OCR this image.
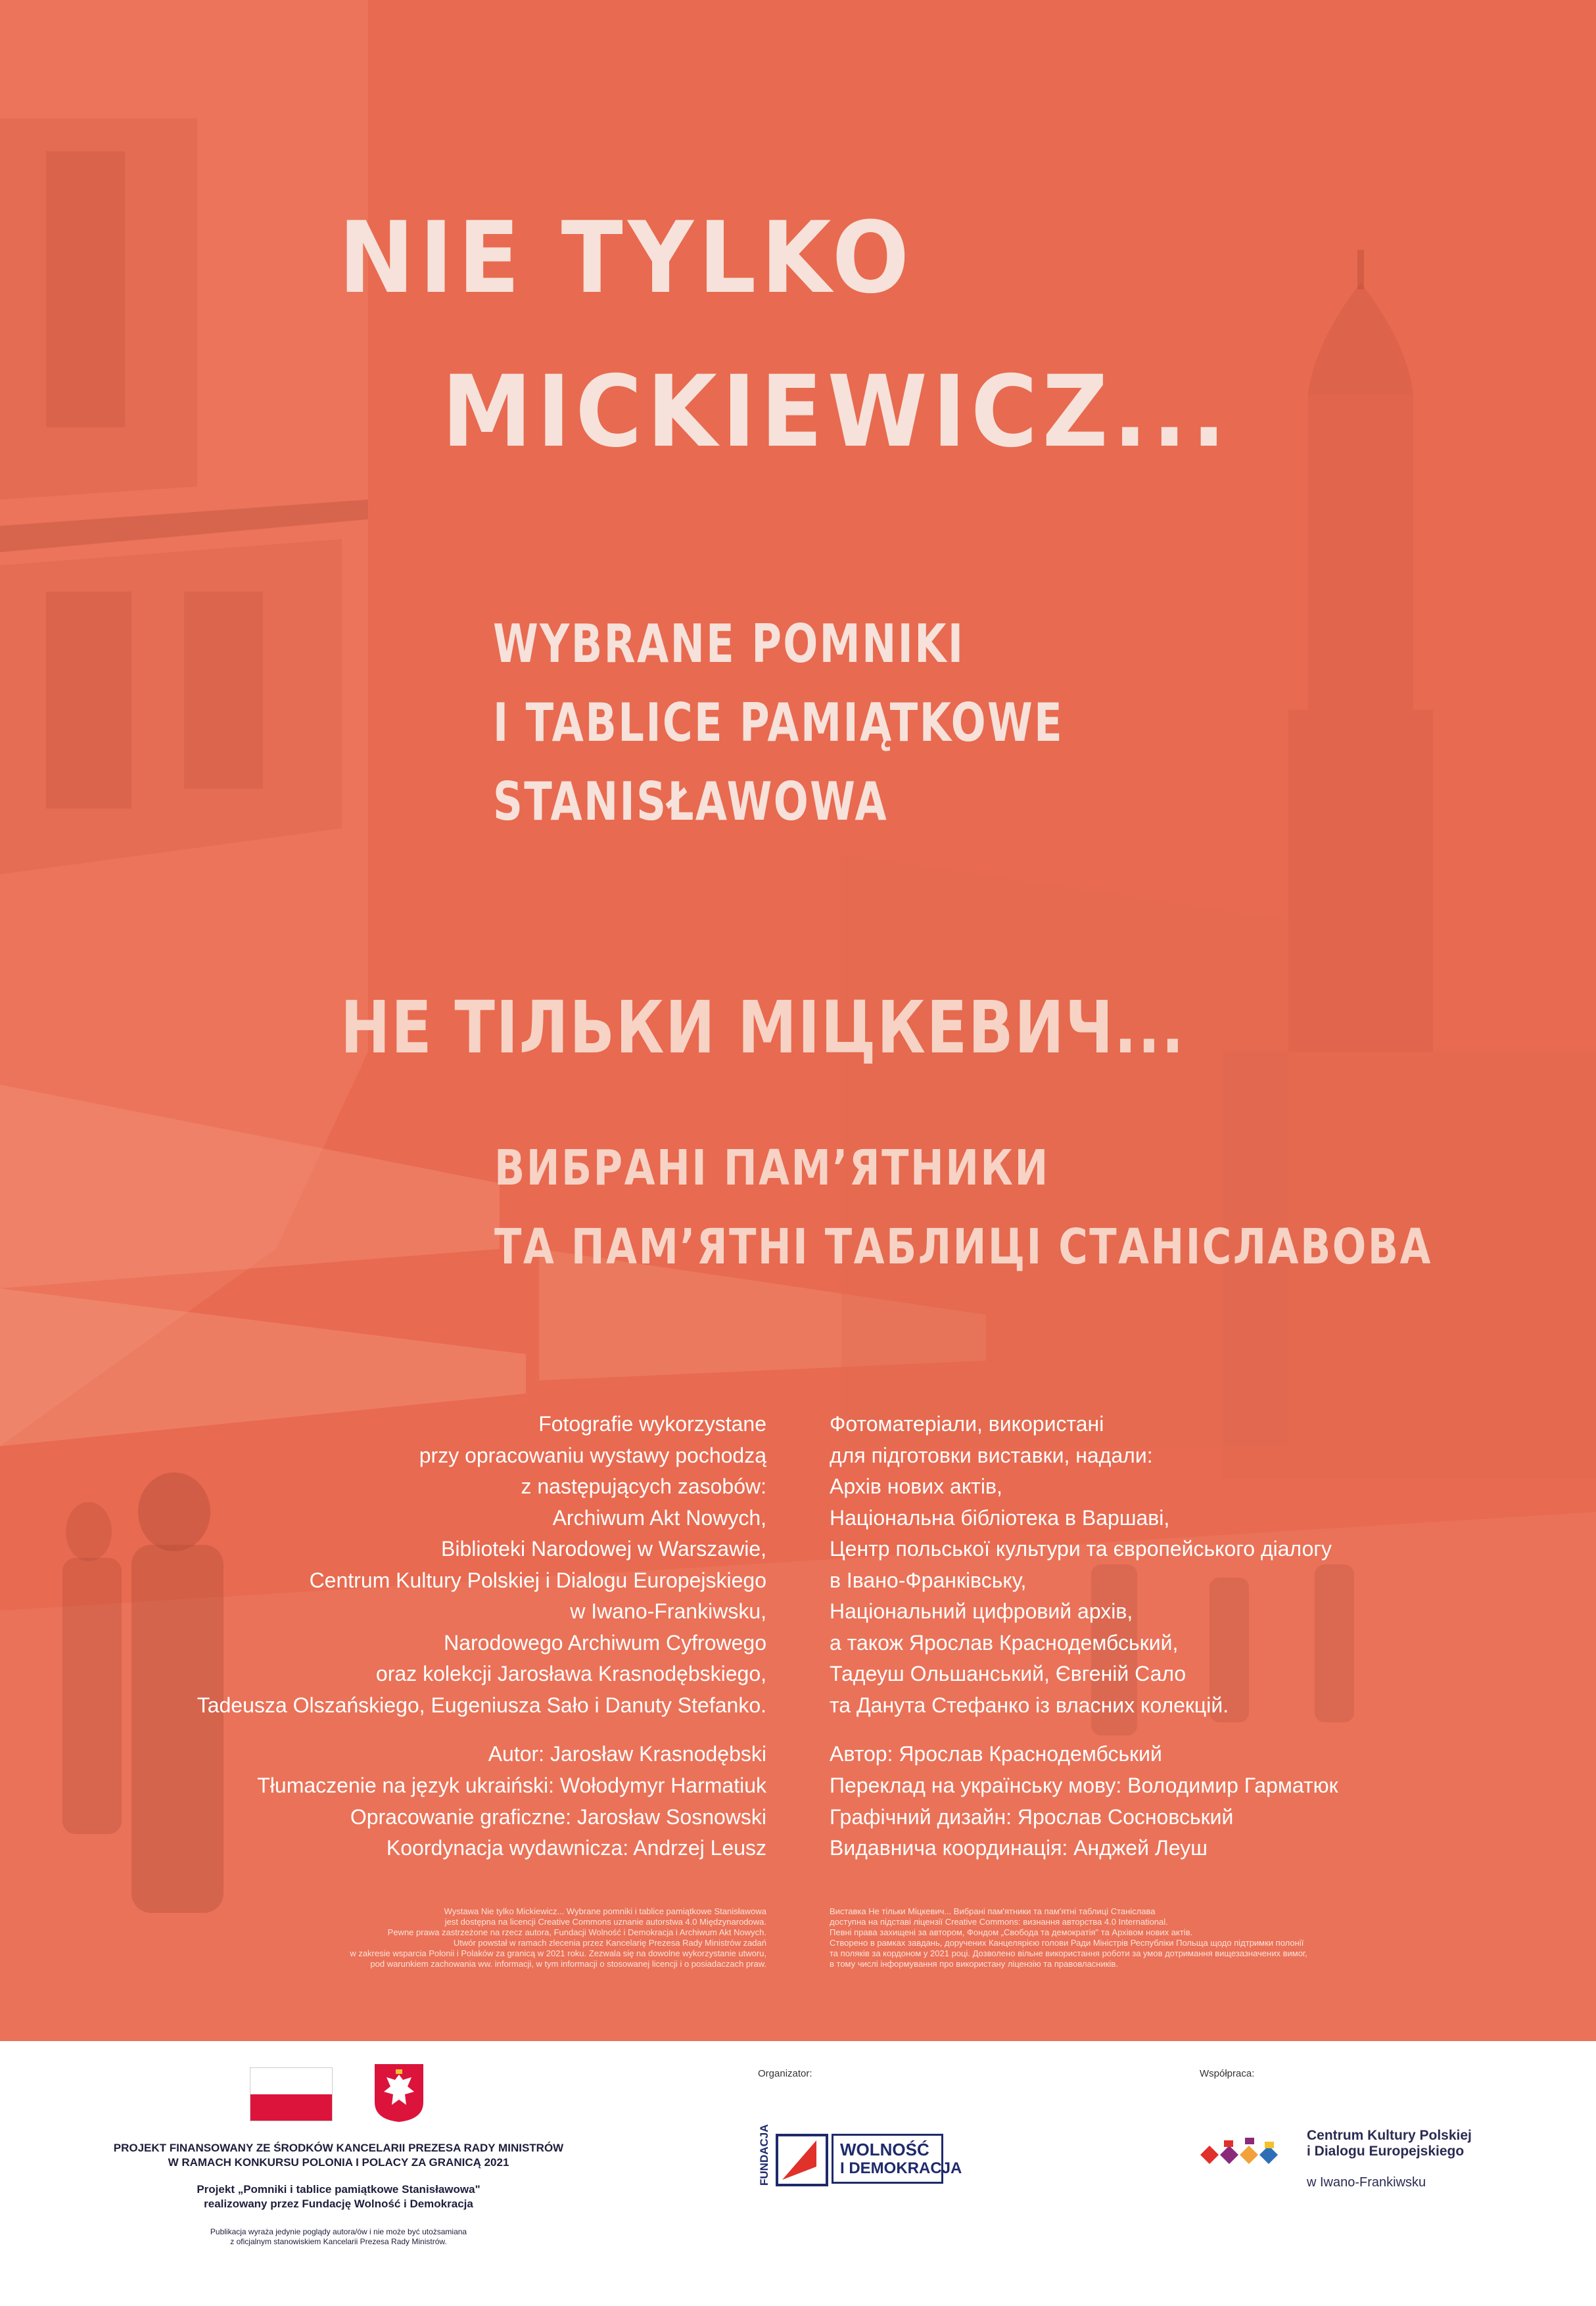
NIE TYLKO
MICKIEWICZ...
WYBRANE POMNIKI
I TABLICE PAMIĄTKOWE
STANISŁAWOWA
НЕ ТІЛЬКИ МІЦКЕВИЧ...
ВИБРАНІ ПАМ’ЯТНИКИ
ТА ПАМ’ЯТНІ ТАБЛИЦІ СТАНІСЛАВОВА
Fotografie wykorzystane
przy opracowaniu wystawy pochodzą
z następujących zasobów:
Archiwum Akt Nowych,
Biblioteki Narodowej w Warszawie,
Centrum Kultury Polskiej i Dialogu Europejskiego
w Iwano-Frankiwsku,
Narodowego Archiwum Cyfrowego
oraz kolekcji Jarosława Krasnodębskiego,
Tadeusza Olszańskiego, Eugeniusza Sało i Danuty Stefanko.
Фотоматеріали, використані
для підготовки виставки, надали:
Архів нових актів,
Національна бібліотека в Варшаві,
Центр польської культури та європейського діалогу
в Івано-Франківську,
Національний цифровий архів,
а також Ярослав Краснодембський,
Тадеуш Ольшанський, Євгеній Сало
та Данута Стефанко із власних колекцій.
Autor: Jarosław Krasnodębski
Tłumaczenie na język ukraiński: Wołodymyr Harmatiuk
Opracowanie graficzne: Jarosław Sosnowski
Koordynacja wydawnicza: Andrzej Leusz
Автор: Ярослав Краснодембський
Переклад на українську мову: Володимир Гарматюк
Графічний дизайн: Ярослав Сосновський
Видавнича координація: Анджей Леуш
Wystawa Nie tylko Mickiewicz... Wybrane pomniki i tablice pamiątkowe Stanisławowa
jest dostępna na licencji Creative Commons uznanie autorstwa 4.0 Międzynarodowa.
Pewne prawa zastrzeżone na rzecz autora, Fundacji Wolność i Demokracja i Archiwum Akt Nowych.
Utwór powstał w ramach zlecenia przez Kancelarię Prezesa Rady Ministrów zadań
w zakresie wsparcia Polonii i Polaków za granicą w 2021 roku. Zezwala się na dowolne wykorzystanie utworu,
pod warunkiem zachowania ww. informacji, w tym informacji o stosowanej licencji i o posiadaczach praw.
Виставка Не тільки Міцкевич... Вибрані пам'ятники та пам'ятні таблиці Станіслава
доступна на підставі ліцензії Creative Commons: визнання авторства 4.0 International.
Певні права захищені за автором, Фондом „Свобода та демократія" та Архівом нових актів.
Створено в рамках завдань, доручених Канцелярією голови Ради Міністрів Республіки Польща щодо підтримки полонії
та поляків за кордоном у 2021 році. Дозволено вільне використання роботи за умов дотримання вищезазначених вимог,
в тому числі інформування про використану ліцензію та правовласників.
PROJEKT FINANSOWANY ZE ŚRODKÓW KANCELARII PREZESA RADY MINISTRÓW
W RAMACH KONKURSU POLONIA I POLACY ZA GRANICĄ 2021
Projekt „Pomniki i tablice pamiątkowe Stanisławowa"
realizowany przez Fundację Wolność i Demokracja
Publikacja wyraża jedynie poglądy autora/ów i nie może być utożsamiana
z oficjalnym stanowiskiem Kancelarii Prezesa Rady Ministrów.
Organizator:	Współpraca:
FUNDACJA	WOLNOŚĆ
I DEMOKRACJA
Centrum Kultury Polskiej
i Dialogu Europejskiego
w Iwano-Frankiwsku
